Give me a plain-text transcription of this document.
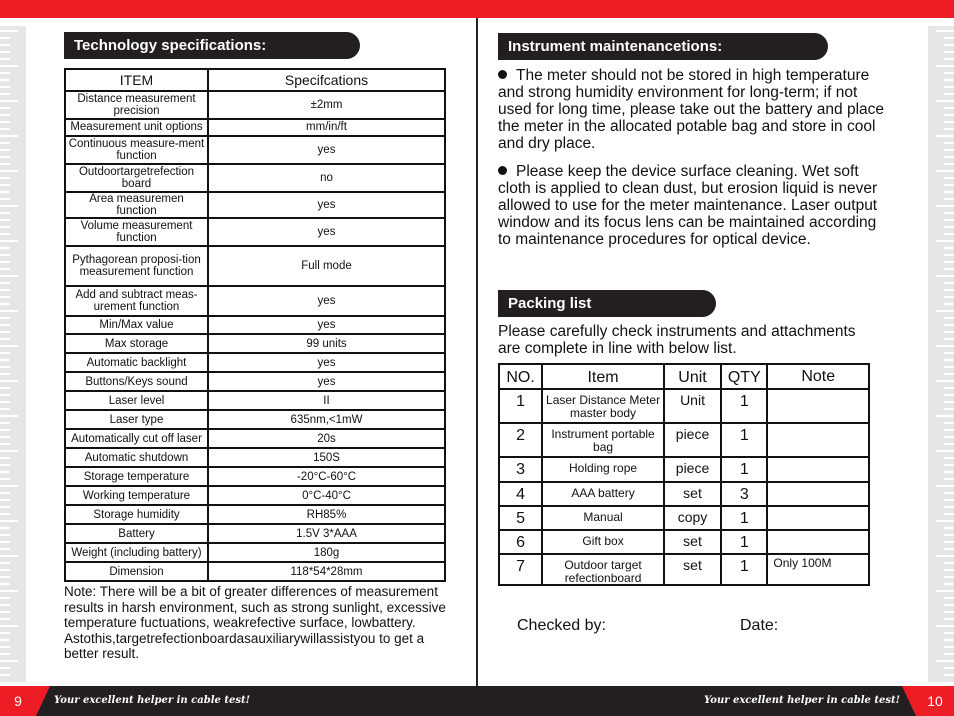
Technology specifications:
ITEM	Specifcations
Distance measurement precision	±2mm
Measurement unit options	mm/in/ft
Continuous measure-ment function	yes
Outdoortargetrefection board	no
Area measuremen function	yes
Volume measurement function	yes
Pythagorean proposi-tion measurement function	Full mode
Add and subtract meas-urement function	yes
Min/Max value	yes
Max storage	99 units
Automatic backlight	yes
Buttons/Keys sound	yes
Laser level	II
Laser type	635nm,<1mW
Automatically cut off laser	20s
Automatic shutdown	150S
Storage temperature	-20°C-60°C
Working temperature	0°C-40°C
Storage humidity	RH85%
Battery	1.5V 3*AAA
Weight (including battery)	180g
Dimension	118*54*28mm
Note: There will be a bit of greater differences of measurement results in harsh environment, such as strong sunlight, excessive temperature fuctuations, weakrefective surface, lowbattery. Astothis,targetrefectionboardasauxiliarywillassistyou to get a better result.
Instrument maintenancetions:
The meter should not be stored in high temperature and strong humidity environment for long-term; if not used for long time, please take out the battery and place the meter in the allocated potable bag and store in cool and dry place.
Please keep the device surface cleaning. Wet soft cloth is applied to clean dust, but erosion liquid is never allowed to use for the meter maintenance. Laser output window and its focus lens can be maintained according to maintenance procedures for optical device.
Packing list
Please carefully check instruments and attachments are complete in line with below list.
NO.	Item	Unit	QTY	Note
1	Laser Distance Meter master body	Unit	1	
2	Instrument portable bag	piece	1	
3	Holding rope	piece	1	
4	AAA battery	set	3	
5	Manual	copy	1	
6	Gift box	set	1	
7	Outdoor target refectionboard	set	1	Only 100M
Checked by:	Date:
9	Your excellent helper in cable test!	Your excellent helper in cable test!	10
